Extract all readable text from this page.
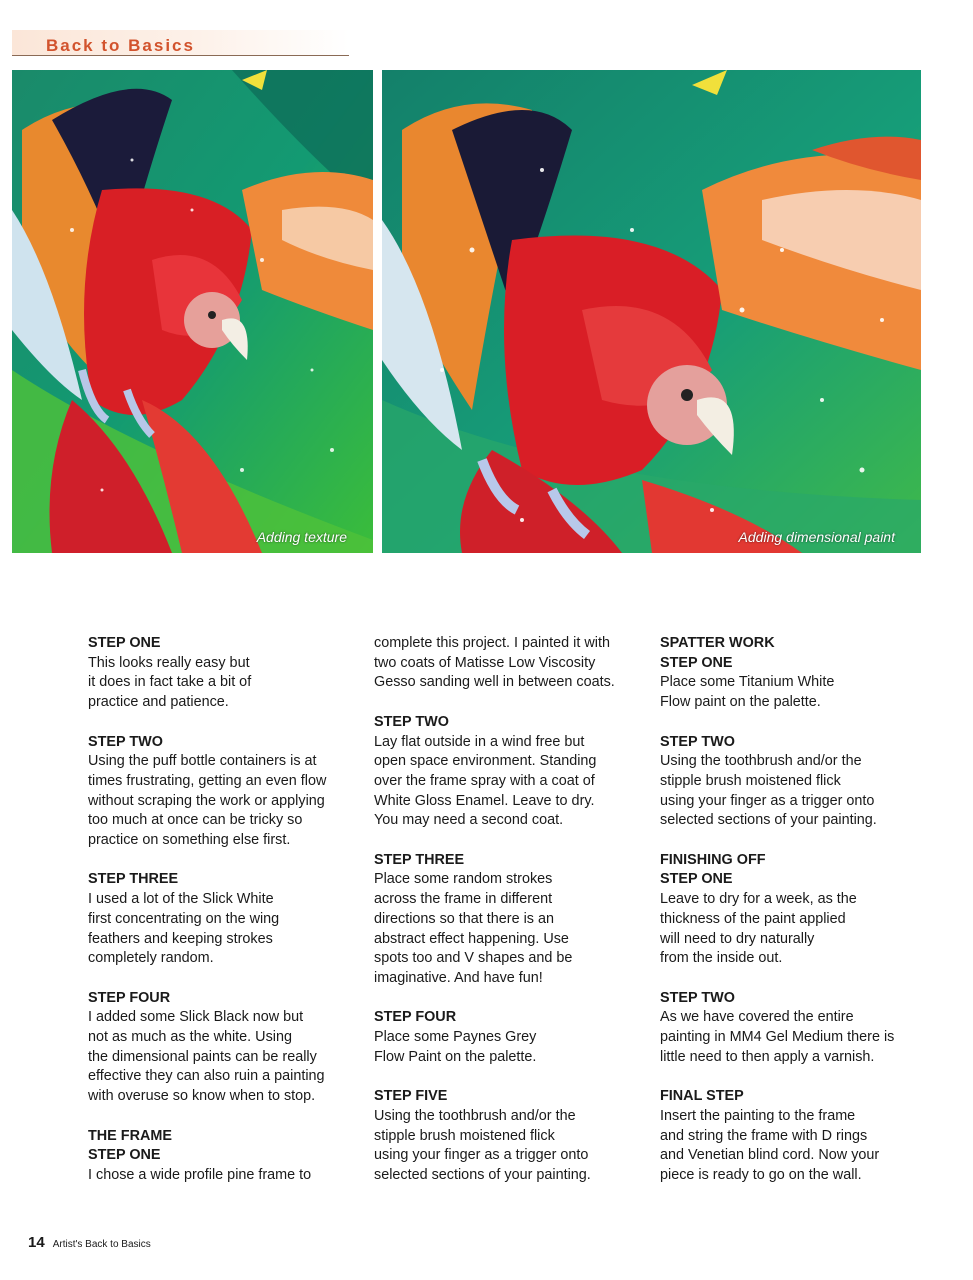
Back to Basics
Adding texture	Adding dimensional paint
STEP ONE
This looks really easy but
it does in fact take a bit of
practice and patience.
STEP TWO
Using the puff bottle containers is at
times frustrating, getting an even flow
without scraping the work or applying
too much at once can be tricky so
practice on something else first.
STEP THREE
I used a lot of the Slick White
first concentrating on the wing
feathers and keeping strokes
completely random.
STEP FOUR
I added some Slick Black now but
not as much as the white. Using
the dimensional paints can be really
effective they can also ruin a painting
with overuse so know when to stop.
THE FRAME
STEP ONE
I chose a wide profile pine frame to
complete this project. I painted it with
two coats of Matisse Low Viscosity
Gesso sanding well in between coats.
STEP TWO
Lay flat outside in a wind free but
open space environment. Standing
over the frame spray with a coat of
White Gloss Enamel. Leave to dry.
You may need a second coat.
STEP THREE
Place some random strokes
across the frame in different
directions so that there is an
abstract effect happening. Use
spots too and V shapes and be
imaginative. And have fun!
STEP FOUR
Place some Paynes Grey
Flow Paint on the palette.
STEP FIVE
Using the toothbrush and/or the
stipple brush moistened flick
using your finger as a trigger onto
selected sections of your painting.
SPATTER WORK
STEP ONE
Place some Titanium White
Flow paint on the palette.
STEP TWO
Using the toothbrush and/or the
stipple brush moistened flick
using your finger as a trigger onto
selected sections of your painting.
FINISHING OFF
STEP ONE
Leave to dry for a week, as the
thickness of the paint applied
will need to dry naturally
from the inside out.
STEP TWO
As we have covered the entire
painting in MM4 Gel Medium there is
little need to then apply a varnish.
FINAL STEP
Insert the painting to the frame
and string the frame with D rings
and Venetian blind cord. Now your
piece is ready to go on the wall.
14 Artist's Back to Basics
